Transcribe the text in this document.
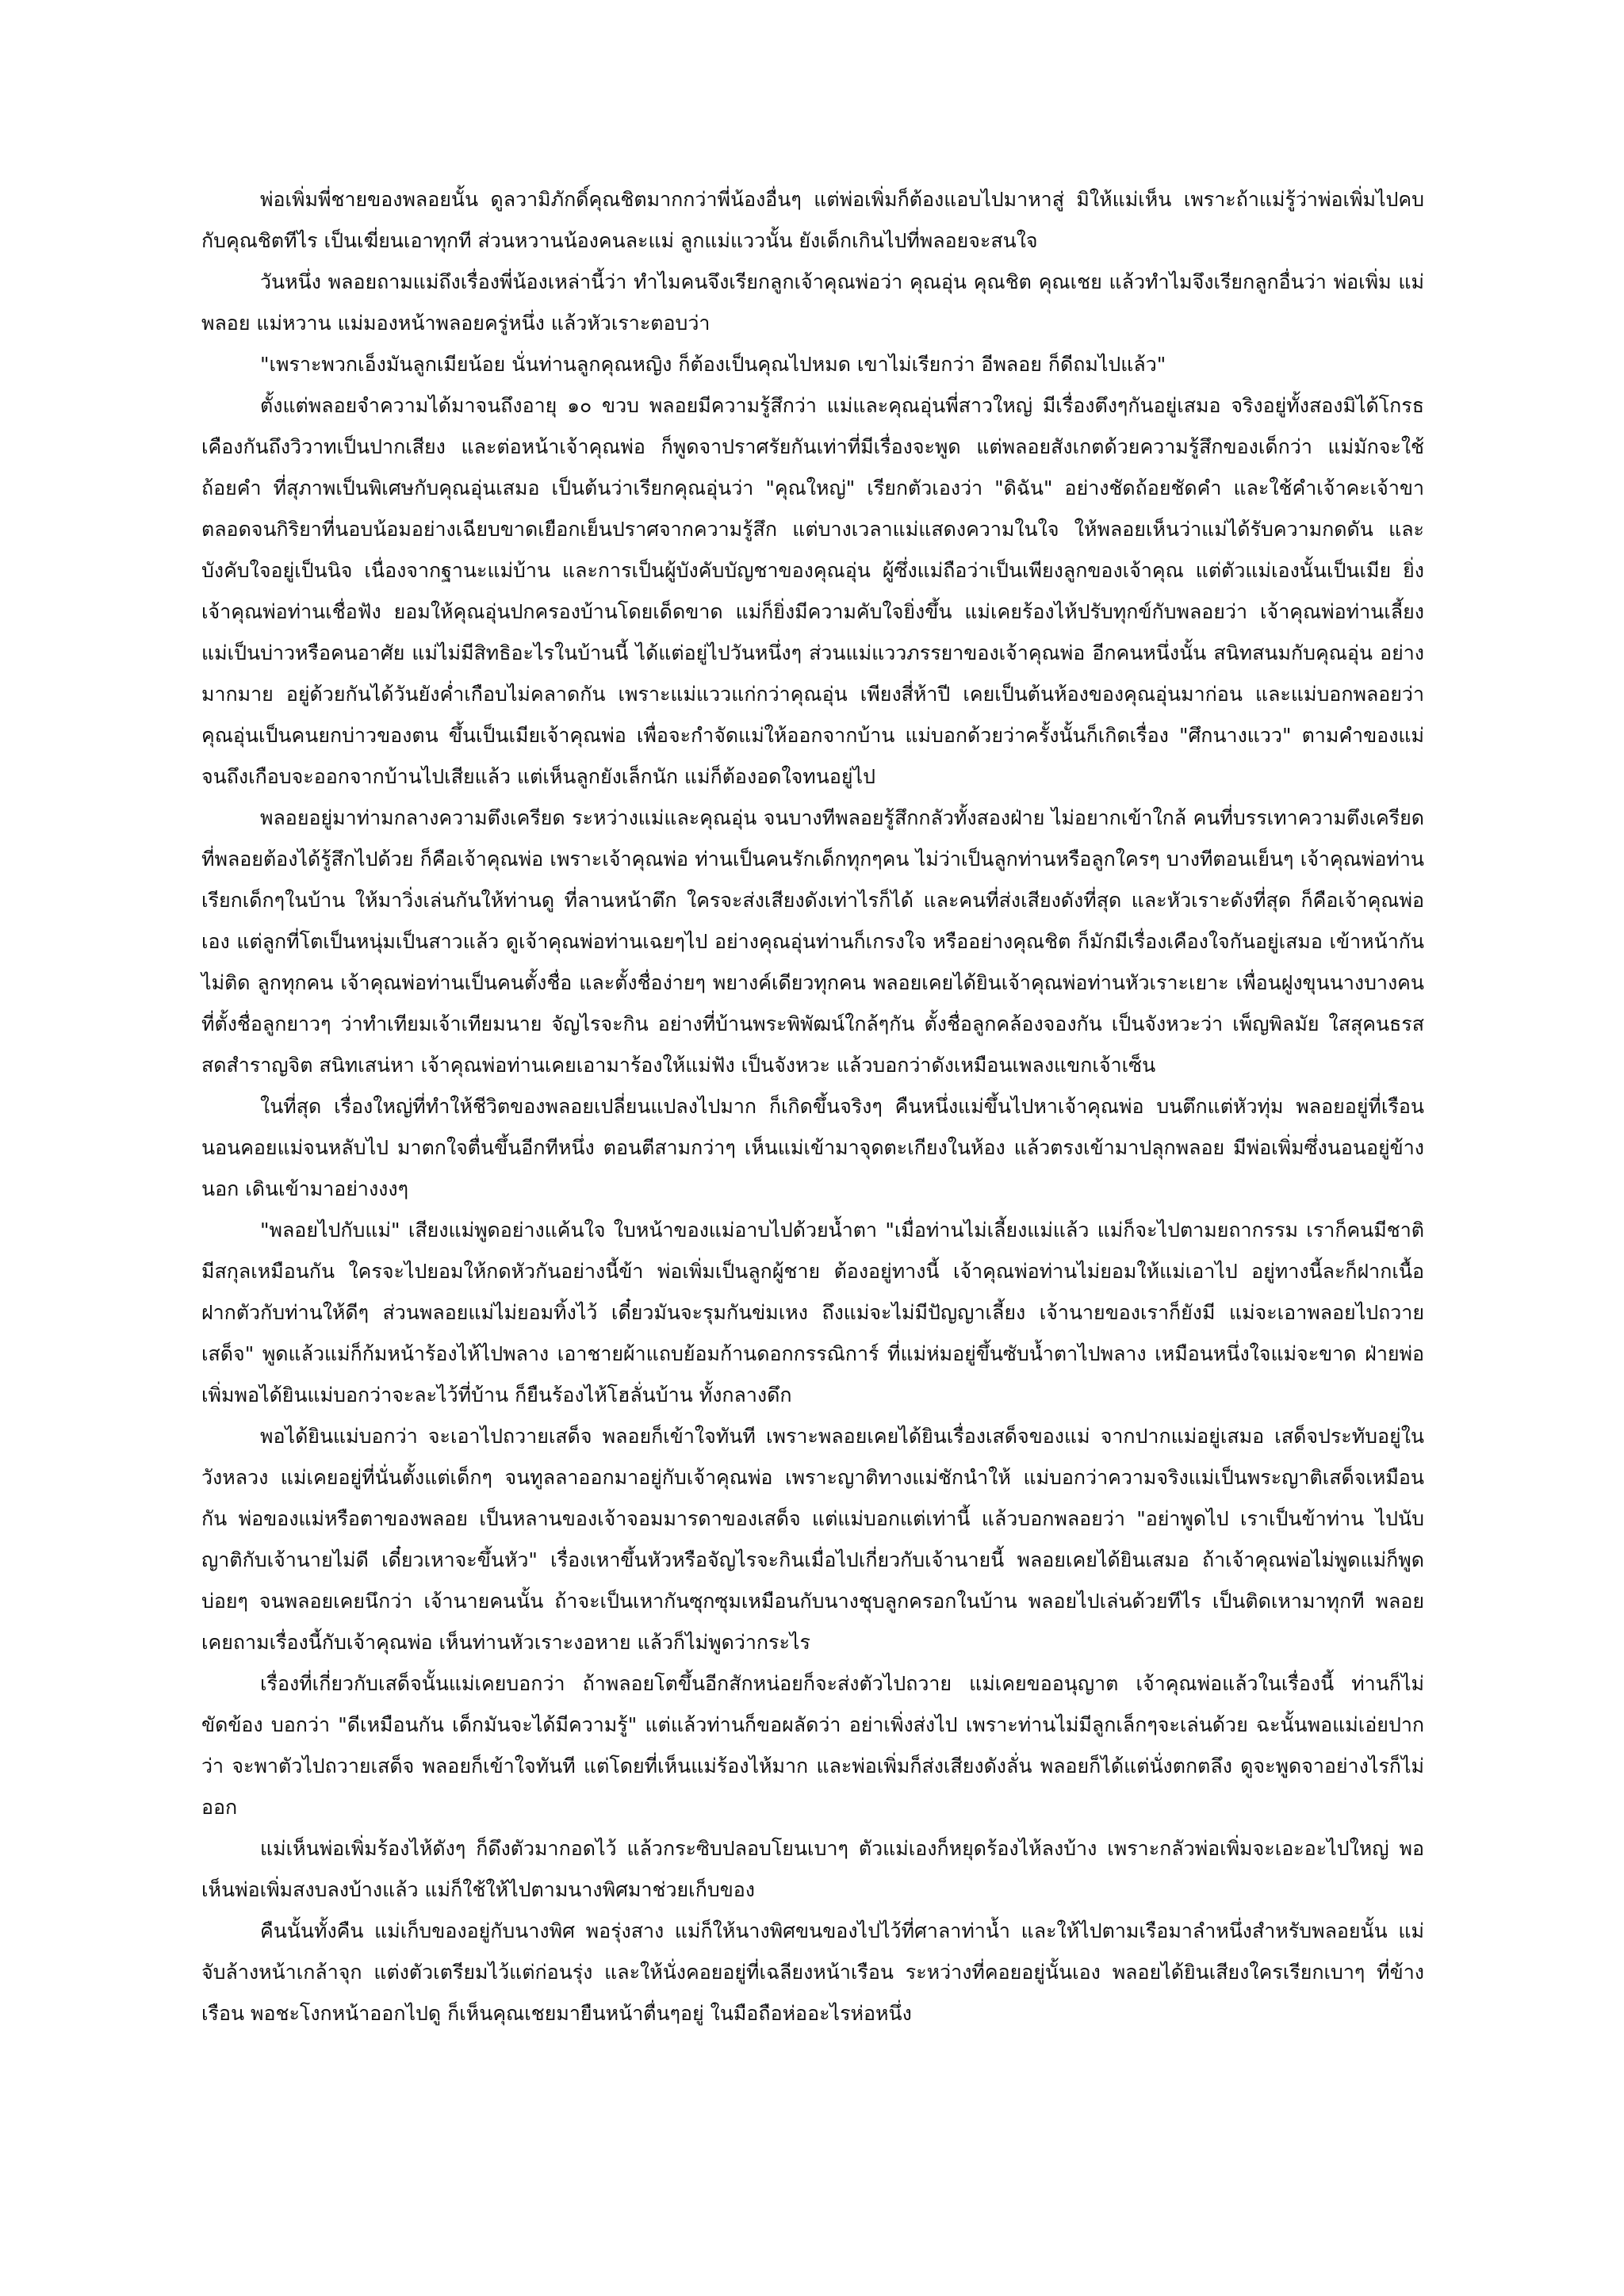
พ่อเพิ่มพี่ชายของพลอยนั้น ดูลวามิภักดิ์คุณชิตมากกว่าพี่น้องอื่นๆ แต่พ่อเพิ่มก็ต้องแอบไปมาหาสู่ มิให้แม่เห็น เพราะถ้าแม่รู้ว่าพ่อเพิ่มไปคบกับคุณชิตทีไร เป็นเฆี่ยนเอาทุกที ส่วนหวานน้องคนละแม่ ลูกแม่แววนั้น ยังเด็กเกินไปที่พลอยจะสนใจ

วันหนึ่ง พลอยถามแม่ถึงเรื่องพี่น้องเหล่านี้ว่า ทำไมคนจึงเรียกลูกเจ้าคุณพ่อว่า คุณอุ่น คุณชิต คุณเชย แล้วทำไมจึงเรียกลูกอื่นว่า พ่อเพิ่ม แม่พลอย แม่หวาน แม่มองหน้าพลอยครู่หนึ่ง แล้วหัวเราะตอบว่า

"เพราะพวกเอ็งมันลูกเมียน้อย นั่นท่านลูกคุณหญิง ก็ต้องเป็นคุณไปหมด เขาไม่เรียกว่า อีพลอย ก็ดีถมไปแล้ว"

ตั้งแต่พลอยจำความได้มาจนถึงอายุ ๑๐ ขวบ พลอยมีความรู้สึกว่า แม่และคุณอุ่นพี่สาวใหญ่ มีเรื่องตึงๆกันอยู่เสมอ จริงอยู่ทั้งสองมิได้โกรธเคืองกันถึงวิวาทเป็นปากเสียง และต่อหน้าเจ้าคุณพ่อ ก็พูดจาปราศรัยกันเท่าที่มีเรื่องจะพูด แต่พลอยสังเกตด้วยความรู้สึกของเด็กว่า แม่มักจะใช้ถ้อยคำ ที่สุภาพเป็นพิเศษกับคุณอุ่นเสมอ เป็นต้นว่าเรียกคุณอุ่นว่า "คุณใหญ่" เรียกตัวเองว่า "ดิฉัน" อย่างชัดถ้อยชัดคำ และใช้คำเจ้าคะเจ้าขาตลอดจนกิริยาที่นอบน้อมอย่างเฉียบขาดเยือกเย็นปราศจากความรู้สึก แต่บางเวลาแม่แสดงความในใจ ให้พลอยเห็นว่าแม่ได้รับความกดดัน และบังคับใจอยู่เป็นนิจ เนื่องจากฐานะแม่บ้าน และการเป็นผู้บังคับบัญชาของคุณอุ่น ผู้ซึ่งแม่ถือว่าเป็นเพียงลูกของเจ้าคุณ แต่ตัวแม่เองนั้นเป็นเมีย ยิ่งเจ้าคุณพ่อท่านเชื่อฟัง ยอมให้คุณอุ่นปกครองบ้านโดยเด็ดขาด แม่ก็ยิ่งมีความคับใจยิ่งขึ้น แม่เคยร้องไห้ปรับทุกข์กับพลอยว่า เจ้าคุณพ่อท่านเลี้ยงแม่เป็นบ่าวหรือคนอาศัย แม่ไม่มีสิทธิอะไรในบ้านนี้ ได้แต่อยู่ไปวันหนึ่งๆ ส่วนแม่แววภรรยาของเจ้าคุณพ่อ อีกคนหนึ่งนั้น สนิทสนมกับคุณอุ่น อย่างมากมาย อยู่ด้วยกันได้วันยังค่ำเกือบไม่คลาดกัน เพราะแม่แววแก่กว่าคุณอุ่น เพียงสี่ห้าปี เคยเป็นต้นห้องของคุณอุ่นมาก่อน และแม่บอกพลอยว่า คุณอุ่นเป็นคนยกบ่าวของตน ขึ้นเป็นเมียเจ้าคุณพ่อ เพื่อจะกำจัดแม่ให้ออกจากบ้าน แม่บอกด้วยว่าครั้งนั้นก็เกิดเรื่อง "ศึกนางแวว" ตามคำของแม่ จนถึงเกือบจะออกจากบ้านไปเสียแล้ว แต่เห็นลูกยังเล็กนัก แม่ก็ต้องอดใจทนอยู่ไป

พลอยอยู่มาท่ามกลางความตึงเครียด ระหว่างแม่และคุณอุ่น จนบางทีพลอยรู้สึกกลัวทั้งสองฝ่าย ไม่อยากเข้าใกล้ คนที่บรรเทาความตึงเครียด ที่พลอยต้องได้รู้สึกไปด้วย ก็คือเจ้าคุณพ่อ เพราะเจ้าคุณพ่อ ท่านเป็นคนรักเด็กทุกๆคน ไม่ว่าเป็นลูกท่านหรือลูกใครๆ บางทีตอนเย็นๆ เจ้าคุณพ่อท่านเรียกเด็กๆในบ้าน ให้มาวิ่งเล่นกันให้ท่านดู ที่ลานหน้าตึก ใครจะส่งเสียงดังเท่าไรก็ได้ และคนที่ส่งเสียงดังที่สุด และหัวเราะดังที่สุด ก็คือเจ้าคุณพ่อเอง แต่ลูกที่โตเป็นหนุ่มเป็นสาวแล้ว ดูเจ้าคุณพ่อท่านเฉยๆไป อย่างคุณอุ่นท่านก็เกรงใจ หรืออย่างคุณชิต ก็มักมีเรื่องเคืองใจกันอยู่เสมอ เข้าหน้ากันไม่ติด ลูกทุกคน เจ้าคุณพ่อท่านเป็นคนตั้งชื่อ และตั้งชื่อง่ายๆ พยางค์เดียวทุกคน พลอยเคยได้ยินเจ้าคุณพ่อท่านหัวเราะเยาะ เพื่อนฝูงขุนนางบางคน ที่ตั้งชื่อลูกยาวๆ ว่าทำเทียมเจ้าเทียมนาย จัญไรจะกิน อย่างที่บ้านพระพิพัฒน์ใกล้ๆกัน ตั้งชื่อลูกคล้องจองกัน เป็นจังหวะว่า เพ็ญพิลมัย ใสสุคนธรส สดสำราญจิต สนิทเสน่หา เจ้าคุณพ่อท่านเคยเอามาร้องให้แม่ฟัง เป็นจังหวะ แล้วบอกว่าดังเหมือนเพลงแขกเจ้าเซ็น

ในที่สุด เรื่องใหญ่ที่ทำให้ชีวิตของพลอยเปลี่ยนแปลงไปมาก ก็เกิดขึ้นจริงๆ คืนหนึ่งแม่ขึ้นไปหาเจ้าคุณพ่อ บนตึกแต่หัวทุ่ม พลอยอยู่ที่เรือนนอนคอยแม่จนหลับไป มาตกใจตื่นขึ้นอีกทีหนึ่ง ตอนตีสามกว่าๆ เห็นแม่เข้ามาจุดตะเกียงในห้อง แล้วตรงเข้ามาปลุกพลอย มีพ่อเพิ่มซึ่งนอนอยู่ข้างนอก เดินเข้ามาอย่างงงๆ

"พลอยไปกับแม่" เสียงแม่พูดอย่างแค้นใจ ใบหน้าของแม่อาบไปด้วยน้ำตา "เมื่อท่านไม่เลี้ยงแม่แล้ว แม่ก็จะไปตามยถากรรม เราก็คนมีชาติมีสกุลเหมือนกัน ใครจะไปยอมให้กดหัวกันอย่างนี้ข้า พ่อเพิ่มเป็นลูกผู้ชาย ต้องอยู่ทางนี้ เจ้าคุณพ่อท่านไม่ยอมให้แม่เอาไป อยู่ทางนี้ละก็ฝากเนื้อฝากตัวกับท่านให้ดีๆ ส่วนพลอยแม่ไม่ยอมทิ้งไว้ เดี๋ยวมันจะรุมกันข่มเหง ถึงแม่จะไม่มีปัญญาเลี้ยง เจ้านายของเราก็ยังมี แม่จะเอาพลอยไปถวายเสด็จ" พูดแล้วแม่ก็ก้มหน้าร้องไห้ไปพลาง เอาชายผ้าแถบย้อมก้านดอกกรรณิการ์ ที่แม่ห่มอยู่ขึ้นซับน้ำตาไปพลาง เหมือนหนึ่งใจแม่จะขาด ฝ่ายพ่อเพิ่มพอได้ยินแม่บอกว่าจะละไว้ที่บ้าน ก็ยืนร้องไห้โฮลั่นบ้าน ทั้งกลางดึก

พอได้ยินแม่บอกว่า จะเอาไปถวายเสด็จ พลอยก็เข้าใจทันที เพราะพลอยเคยได้ยินเรื่องเสด็จของแม่ จากปากแม่อยู่เสมอ เสด็จประทับอยู่ในวังหลวง แม่เคยอยู่ที่นั่นตั้งแต่เด็กๆ จนทูลลาออกมาอยู่กับเจ้าคุณพ่อ เพราะญาติทางแม่ชักนำให้ แม่บอกว่าความจริงแม่เป็นพระญาติเสด็จเหมือนกัน พ่อของแม่หรือตาของพลอย เป็นหลานของเจ้าจอมมารดาของเสด็จ แต่แม่บอกแต่เท่านี้ แล้วบอกพลอยว่า "อย่าพูดไป เราเป็นข้าท่าน ไปนับญาติกับเจ้านายไม่ดี เดี๋ยวเหาจะขึ้นหัว" เรื่องเหาขึ้นหัวหรือจัญไรจะกินเมื่อไปเกี่ยวกับเจ้านายนี้ พลอยเคยได้ยินเสมอ ถ้าเจ้าคุณพ่อไม่พูดแม่ก็พูดบ่อยๆ จนพลอยเคยนึกว่า เจ้านายคนนั้น ถ้าจะเป็นเหากันซุกซุมเหมือนกับนางชุบลูกครอกในบ้าน พลอยไปเล่นด้วยทีไร เป็นติดเหามาทุกที พลอยเคยถามเรื่องนี้กับเจ้าคุณพ่อ เห็นท่านหัวเราะงอหาย แล้วก็ไม่พูดว่ากระไร

เรื่องที่เกี่ยวกับเสด็จนั้นแม่เคยบอกว่า ถ้าพลอยโตขึ้นอีกสักหน่อยก็จะส่งตัวไปถวาย แม่เคยขออนุญาต เจ้าคุณพ่อแล้วในเรื่องนี้ ท่านก็ไม่ขัดข้อง บอกว่า "ดีเหมือนกัน เด็กมันจะได้มีความรู้" แต่แล้วท่านก็ขอผลัดว่า อย่าเพิ่งส่งไป เพราะท่านไม่มีลูกเล็กๆจะเล่นด้วย ฉะนั้นพอแม่เอ่ยปากว่า จะพาตัวไปถวายเสด็จ พลอยก็เข้าใจทันที แต่โดยที่เห็นแม่ร้องไห้มาก และพ่อเพิ่มก็ส่งเสียงดังลั่น พลอยก็ได้แต่นั่งตกตลึง ดูจะพูดจาอย่างไรก็ไม่ออก

แม่เห็นพ่อเพิ่มร้องไห้ดังๆ ก็ดึงตัวมากอดไว้ แล้วกระซิบปลอบโยนเบาๆ ตัวแม่เองก็หยุดร้องไห้ลงบ้าง เพราะกลัวพ่อเพิ่มจะเอะอะไปใหญ่ พอเห็นพ่อเพิ่มสงบลงบ้างแล้ว แม่ก็ใช้ให้ไปตามนางพิศมาช่วยเก็บของ

คืนนั้นทั้งคืน แม่เก็บของอยู่กับนางพิศ พอรุ่งสาง แม่ก็ให้นางพิศขนของไปไว้ที่ศาลาท่าน้ำ และให้ไปตามเรือมาลำหนึ่งสำหรับพลอยนั้น แม่จับล้างหน้าเกล้าจุก แต่งตัวเตรียมไว้แต่ก่อนรุ่ง และให้นั่งคอยอยู่ที่เฉลียงหน้าเรือน ระหว่างที่คอยอยู่นั้นเอง พลอยได้ยินเสียงใครเรียกเบาๆ ที่ข้างเรือน พอชะโงกหน้าออกไปดู ก็เห็นคุณเชยมายืนหน้าตื่นๆอยู่ ในมือถือห่ออะไรห่อหนึ่ง
